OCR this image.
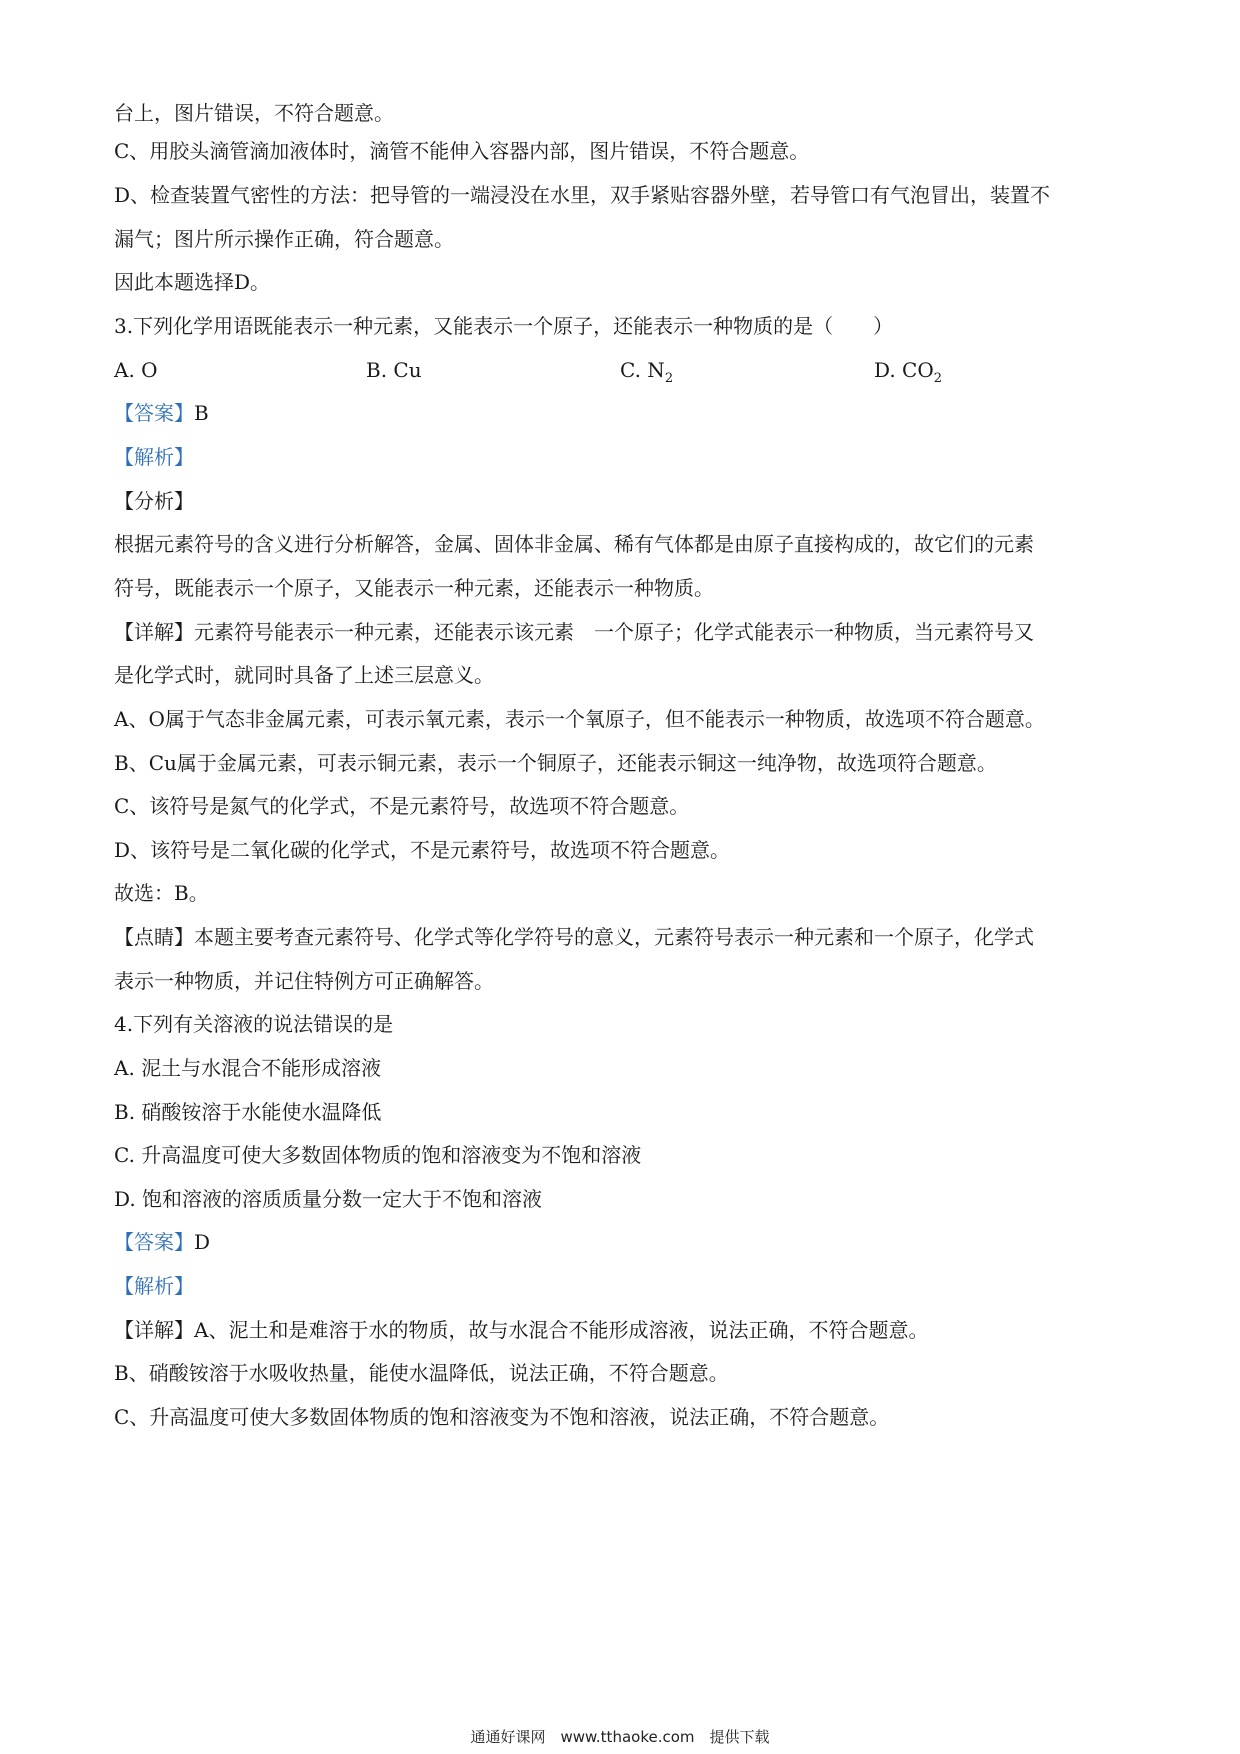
台上，图片错误，不符合题意。
C、用胶头滴管滴加液体时，滴管不能伸入容器内部，图片错误，不符合题意。
D、检查装置气密性的方法：把导管的一端浸没在水里，双手紧贴容器外壁，若导管口有气泡冒出，装置不
漏气；图片所示操作正确，符合题意。
因此本题选择D。
3.下列化学用语既能表示一种元素，又能表示一个原子，还能表示一种物质的是（　　）
A. O	B. Cu	C. $N_2$	D. $CO_2$
【答案】B
【解析】
【分析】
根据元素符号的含义进行分析解答，金属、固体非金属、稀有气体都是由原子直接构成的，故它们的元素
符号，既能表示一个原子，又能表示一种元素，还能表示一种物质。
【详解】元素符号能表示一种元素，还能表示该元素　一个原子；化学式能表示一种物质，当元素符号又
是化学式时，就同时具备了上述三层意义。
A、O属于气态非金属元素，可表示氧元素，表示一个氧原子，但不能表示一种物质，故选项不符合题意。
B、Cu属于金属元素，可表示铜元素，表示一个铜原子，还能表示铜这一纯净物，故选项符合题意。
C、该符号是氮气的化学式，不是元素符号，故选项不符合题意。
D、该符号是二氧化碳的化学式，不是元素符号，故选项不符合题意。
故选：B。
【点睛】本题主要考查元素符号、化学式等化学符号的意义，元素符号表示一种元素和一个原子，化学式
表示一种物质，并记住特例方可正确解答。
4.下列有关溶液的说法错误的是
A. 泥土与水混合不能形成溶液
B. 硝酸铵溶于水能使水温降低
C. 升高温度可使大多数固体物质的饱和溶液变为不饱和溶液
D. 饱和溶液的溶质质量分数一定大于不饱和溶液
【答案】D
【解析】
【详解】A、泥土和是难溶于水的物质，故与水混合不能形成溶液，说法正确，不符合题意。
B、硝酸铵溶于水吸收热量，能使水温降低，说法正确，不符合题意。
C、升高温度可使大多数固体物质的饱和溶液变为不饱和溶液，说法正确，不符合题意。
通通好课网　www.tthaoke.com　提供下载
